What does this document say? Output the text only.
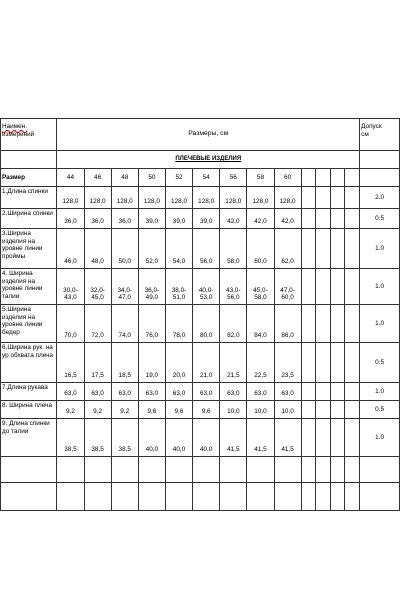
Наимен.
измерений	Размеры, см													Допуск
см
	ПЛЕЧЕВЫЕ ИЗДЕЛИЯ													
Размер	44	46	48	50	52	54	56	58	60					
1.Длина спинки	128,0	128,0	128,0	128,0	128,0	128,0	128,0	128,0	128,0					2.0
2.Ширина спинки	36,0	36,0	36,0	39,0	39,0	39,0	42,0	42,0	42,0					0.5
3.Ширина изделия на уровне линии проймы	46,0	48,0	50,0	52,0	54,0	56,0	58,0	60,0	62,0					1.0
4. Ширина изделия на уровне линии талии	30,0-
43,0	32,0-
45,0	34,0-
47,0	36,0-
49,0	38,0-
51,0	40,0-
53,0	43,0-
56,0	45,0-
58,0	47,0-
60,0					1.0
5.Ширина изделия на уровне линии бедер	70,0	72,0	74,0	76,0	78,0	80,0	82,0	84,0	86,0					1.0
6.Ширина рук. на ур обхвата плеча	16,5	17,5	18,5	19,0	20,0	21,0	21,5	22,5	23,5					0.5
7.Длина рукава	63,0	63,0	63,0	63,0	63,0	63,0	63,0	63,0	63,0					1.0
8. Ширина плеча	9,2	9,2	9,2	9,6	9,6	9,6	10,0	10,0	10,0					0.5
9. Длина спинки до талии	38,5	38,5	38,5	40,0	40,0	40,0	41,5	41,5	41,5					1.0
